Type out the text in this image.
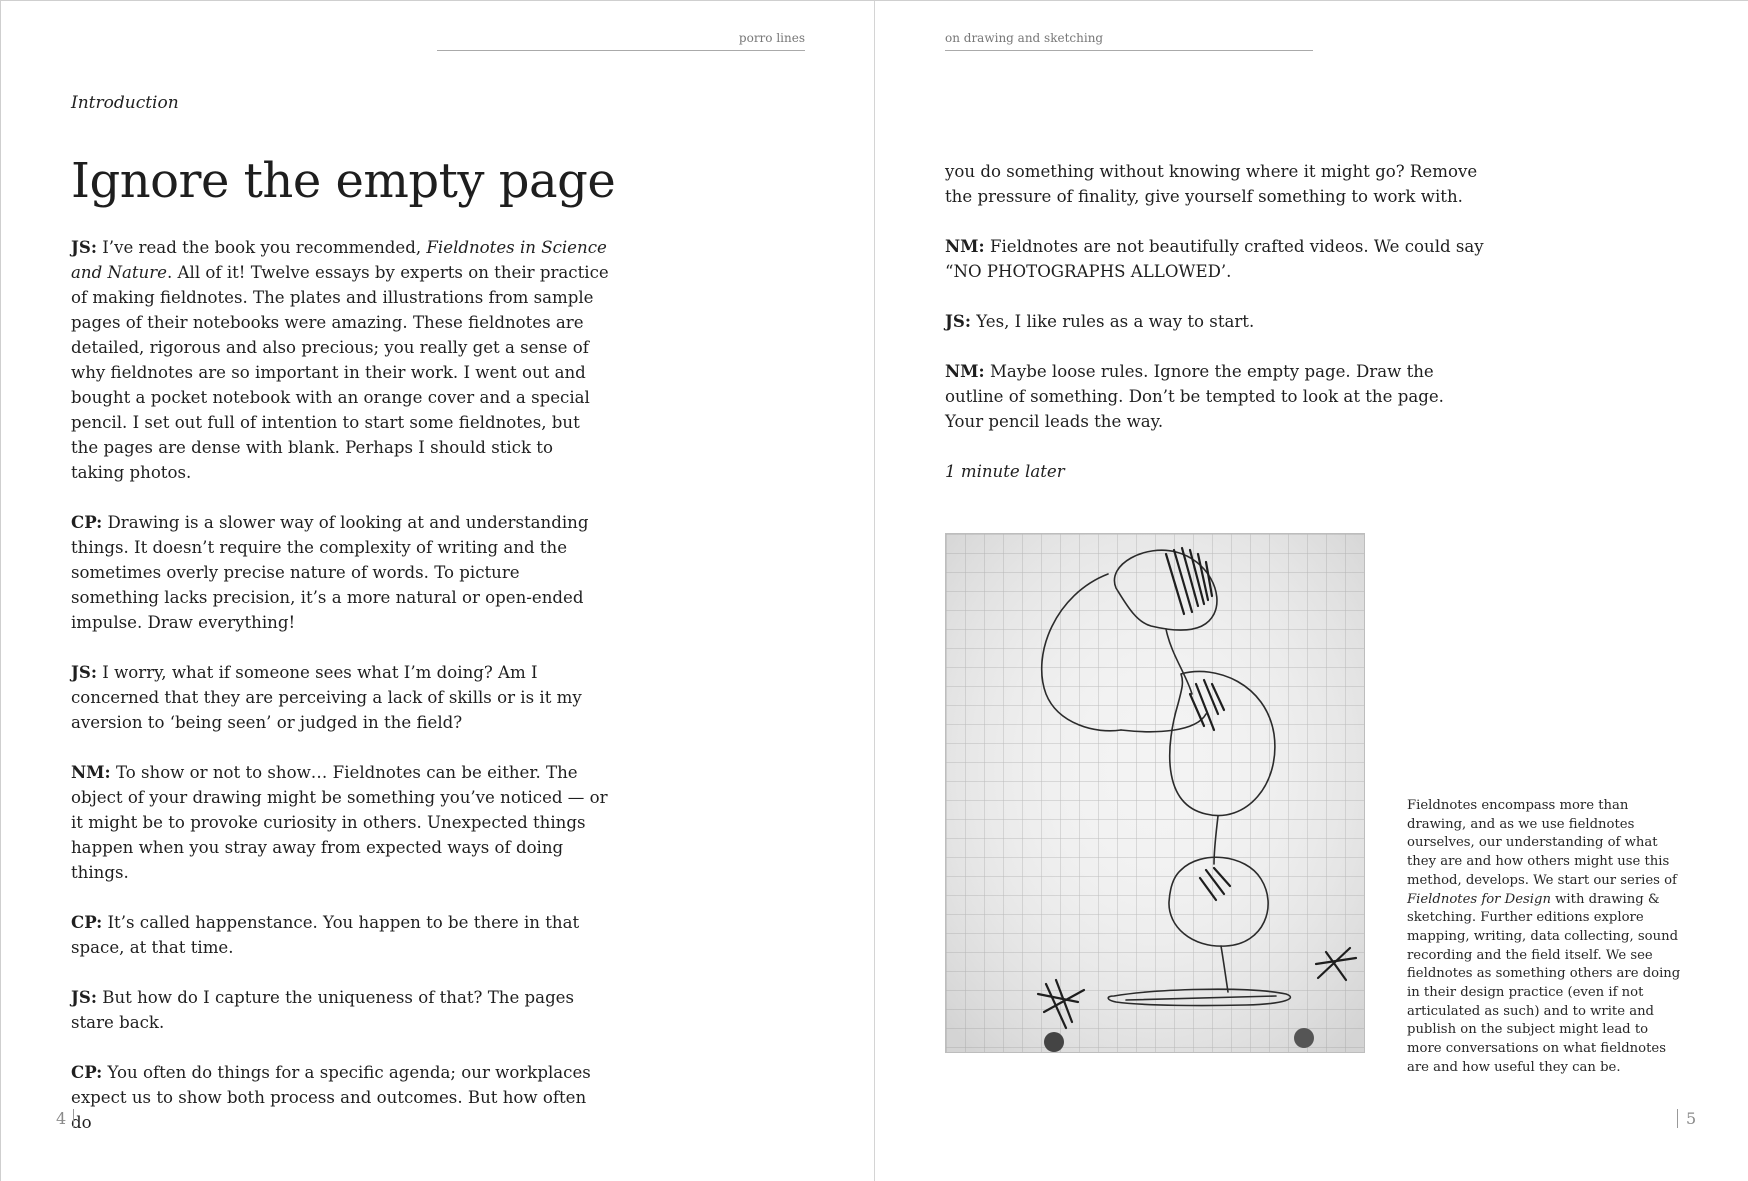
porro lines
Introduction
Ignore the empty page

JS: I’ve read the book you recommended, Fieldnotes in Science and Nature. All of it! Twelve essays by experts on their practice of making fieldnotes. The plates and illustrations from sample pages of their notebooks were amazing. These fieldnotes are detailed, rigorous and also precious; you really get a sense of why fieldnotes are so important in their work. I went out and bought a pocket notebook with an orange cover and a special pencil. I set out full of intention to start some fieldnotes, but the pages are dense with blank. Perhaps I should stick to taking photos.

CP: Drawing is a slower way of looking at and understanding things. It doesn’t require the complexity of writing and the sometimes overly precise nature of words. To picture something lacks precision, it’s a more natural or open-ended impulse. Draw everything!

JS: I worry, what if someone sees what I’m doing? Am I concerned that they are perceiving a lack of skills or is it my aversion to ‘being seen’ or judged in the field?

NM: To show or not to show… Fieldnotes can be either. The object of your drawing might be something you’ve noticed — or it might be to provoke curiosity in others. Unexpected things happen when you stray away from expected ways of doing things.

CP: It’s called happenstance. You happen to be there in that space, at that time.

JS: But how do I capture the uniqueness of that? The pages stare back.

CP: You often do things for a specific agenda; our workplaces expect us to show both process and outcomes. But how often do

4
on drawing and sketching

you do something without knowing where it might go? Remove the pressure of finality, give yourself something to work with.

NM: Fieldnotes are not beautifully crafted videos. We could say “NO PHOTOGRAPHS ALLOWED’.

JS: Yes, I like rules as a way to start.

NM: Maybe loose rules. Ignore the empty page. Draw the outline of something. Don’t be tempted to look at the page. Your pencil leads the way.

1 minute later

Fieldnotes encompass more than drawing, and as we use fieldnotes ourselves, our understanding of what they are and how others might use this method, develops. We start our series of Fieldnotes for Design with drawing & sketching. Further editions explore mapping, writing, data collecting, sound recording and the field itself. We see fieldnotes as something others are doing in their design practice (even if not articulated as such) and to write and publish on the subject might lead to more conversations on what fieldnotes are and how useful they can be.
5
